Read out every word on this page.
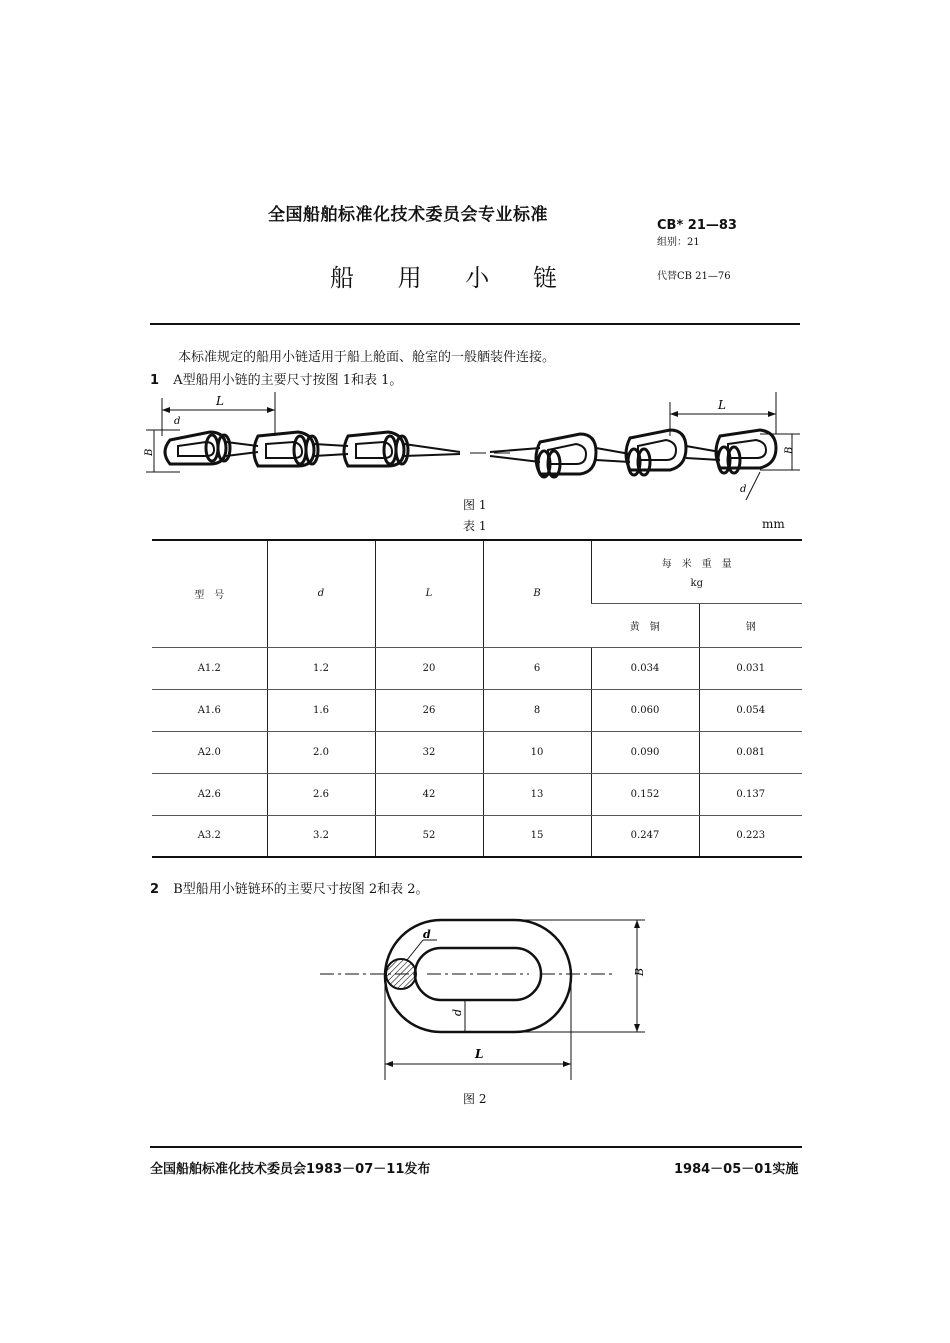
全国船舶标准化技术委员会专业标准
船 用 小 链
CB* 21—83
组别：21
代替CB 21—76
本标准规定的船用小链适用于船上舱面、舱室的一般舾装件连接。
1 A型船用小链的主要尺寸按图 1和表 1。
L	L
B	B
d
d
图 1
表 1	mm
型　号	d	L	B	每　米　重　量
kg	

				黄　铜	钢
A1.2	1.2	20	6	0.034	0.031
A1.6	1.6	26	8	0.060	0.054
A2.0	2.0	32	10	0.090	0.081
A2.6	2.6	42	13	0.152	0.137
A3.2	3.2	52	15	0.247	0.223
2 B型船用小链链环的主要尺寸按图 2和表 2。
d
d
B
L
图 2
全国船舶标准化技术委员会1983－07－11发布	1984－05－01实施
